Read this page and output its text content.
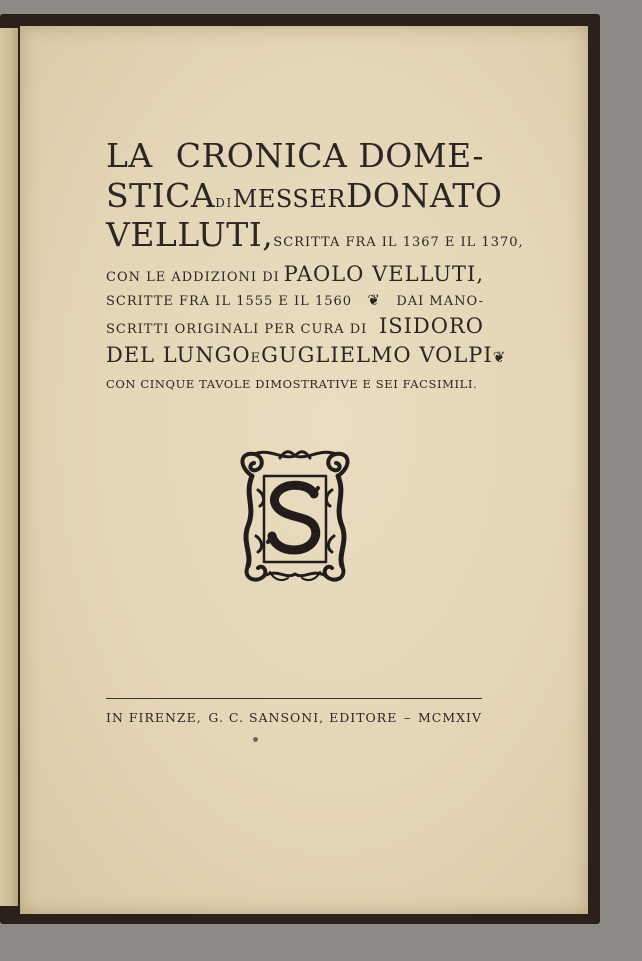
LA CRONICA DOME-
STICA DI MESSER DONATO
VELLUTI, SCRITTA FRA IL 1367 E IL 1370,
CON LE ADDIZIONI DI PAOLO VELLUTI,
SCRITTE FRA IL 1555 E IL 1560 ❦ DAI MANO-
SCRITTI ORIGINALI PER CURA DI ISIDORO
DEL LUNGO E GUGLIELMO VOLPI ❦
CON CINQUE TAVOLE DIMOSTRATIVE E SEI FACSIMILI.
IN FIRENZE, G. C. SANSONI, EDITORE – MCMXIV
